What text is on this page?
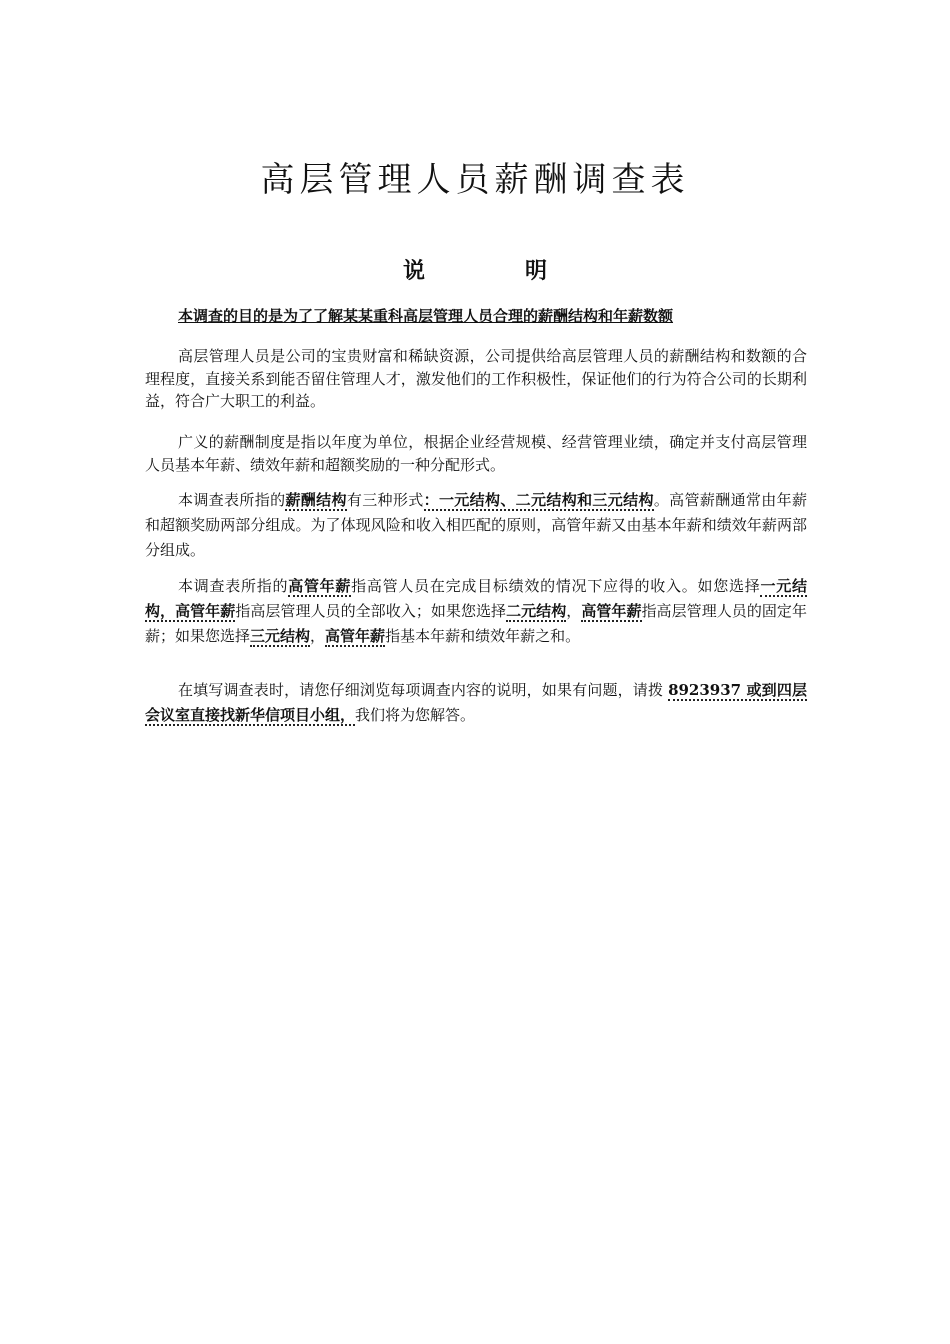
高层管理人员薪酬调查表
说	明

本调查的目的是为了了解某某重科高层管理人员合理的薪酬结构和年薪数额

高层管理人员是公司的宝贵财富和稀缺资源，公司提供给高层管理人员的薪酬结构和数额的合理程度，直接关系到能否留住管理人才，激发他们的工作积极性，保证他们的行为符合公司的长期利益，符合广大职工的利益。

广义的薪酬制度是指以年度为单位，根据企业经营规模、经营管理业绩，确定并支付高层管理人员基本年薪、绩效年薪和超额奖励的一种分配形式。

本调查表所指的薪酬结构有三种形式：一元结构、二元结构和三元结构。高管薪酬通常由年薪和超额奖励两部分组成。为了体现风险和收入相匹配的原则，高管年薪又由基本年薪和绩效年薪两部分组成。

本调查表所指的高管年薪指高管人员在完成目标绩效的情况下应得的收入。如您选择一元结构，高管年薪指高层管理人员的全部收入；如果您选择二元结构，高管年薪指高层管理人员的固定年薪；如果您选择三元结构，高管年薪指基本年薪和绩效年薪之和。

在填写调查表时，请您仔细浏览每项调查内容的说明，如果有问题，请拨 8923937 或到四层会议室直接找新华信项目小组，我们将为您解答。
